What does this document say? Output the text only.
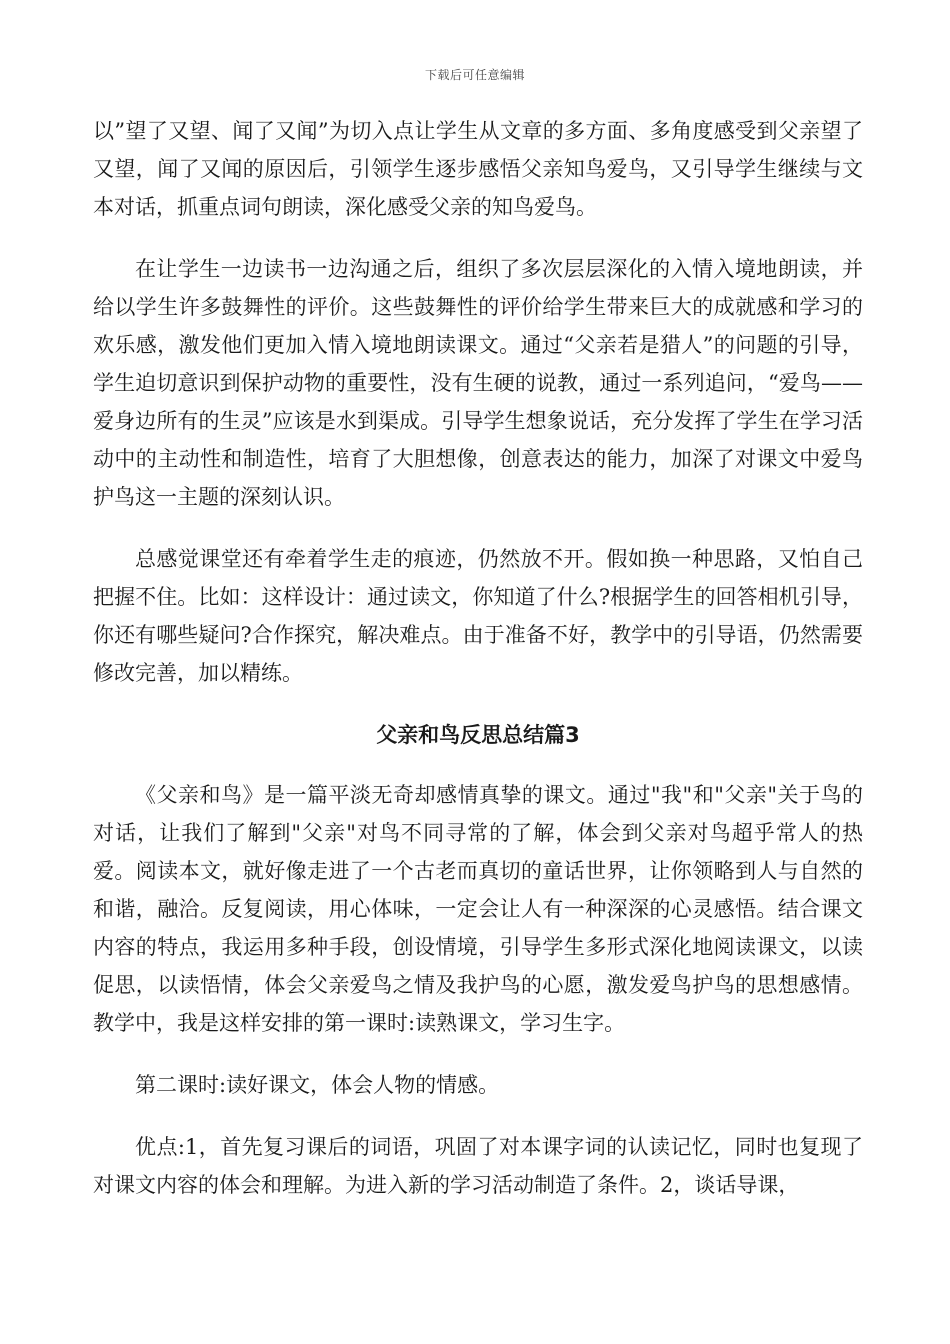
下载后可任意编辑

以”望了又望、闻了又闻”为切入点让学生从文章的多方面、多角度感受到父亲望了又望，闻了又闻的原因后，引领学生逐步感悟父亲知鸟爱鸟，又引导学生继续与文本对话，抓重点词句朗读，深化感受父亲的知鸟爱鸟。

在让学生一边读书一边沟通之后，组织了多次层层深化的入情入境地朗读，并给以学生许多鼓舞性的评价。这些鼓舞性的评价给学生带来巨大的成就感和学习的欢乐感，激发他们更加入情入境地朗读课文。通过“父亲若是猎人”的问题的引导，学生迫切意识到保护动物的重要性，没有生硬的说教，通过一系列追问，“爱鸟——爱身边所有的生灵”应该是水到渠成。引导学生想象说话，充分发挥了学生在学习活动中的主动性和制造性，培育了大胆想像，创意表达的能力，加深了对课文中爱鸟护鸟这一主题的深刻认识。

总感觉课堂还有牵着学生走的痕迹，仍然放不开。假如换一种思路，又怕自己把握不住。比如：这样设计：通过读文，你知道了什么?根据学生的回答相机引导，你还有哪些疑问?合作探究，解决难点。由于准备不好，教学中的引导语，仍然需要修改完善，加以精练。

父亲和鸟反思总结篇3

《父亲和鸟》是一篇平淡无奇却感情真挚的课文。通过"我"和"父亲"关于鸟的对话，让我们了解到"父亲"对鸟不同寻常的了解，体会到父亲对鸟超乎常人的热爱。阅读本文，就好像走进了一个古老而真切的童话世界，让你领略到人与自然的和谐，融洽。反复阅读，用心体味，一定会让人有一种深深的心灵感悟。结合课文内容的特点，我运用多种手段，创设情境，引导学生多形式深化地阅读课文，以读促思，以读悟情，体会父亲爱鸟之情及我护鸟的心愿，激发爱鸟护鸟的思想感情。教学中，我是这样安排的第一课时:读熟课文，学习生字。

第二课时:读好课文，体会人物的情感。

优点:1，首先复习课后的词语，巩固了对本课字词的认读记忆，同时也复现了对课文内容的体会和理解。为进入新的学习活动制造了条件。2，谈话导课，
